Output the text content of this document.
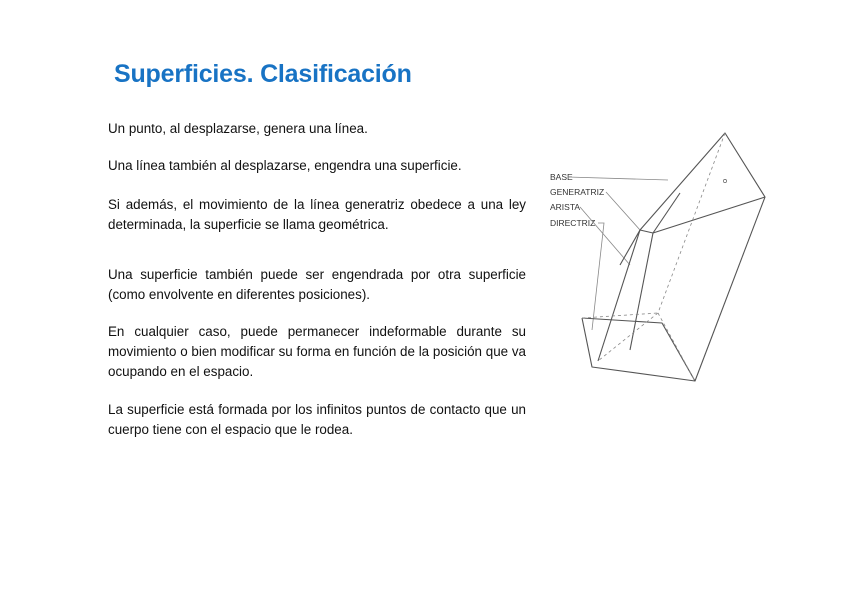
Superficies. Clasificación

Un punto, al desplazarse, genera una línea.

Una línea también al desplazarse, engendra una superficie.

Si además, el movimiento de la línea generatriz obedece a una ley determinada, la superficie se llama geométrica.

Una superficie también puede ser engendrada por otra superficie (como envolvente en diferentes posiciones).

En cualquier caso, puede permanecer indeformable durante su movimiento o bien modificar su forma en función de la posición que va ocupando en el espacio.

La superficie está formada por los infinitos puntos de contacto que un cuerpo tiene con el espacio que le rodea.

BASE
GENERATRIZ
ARISTA
DIRECTRIZ
